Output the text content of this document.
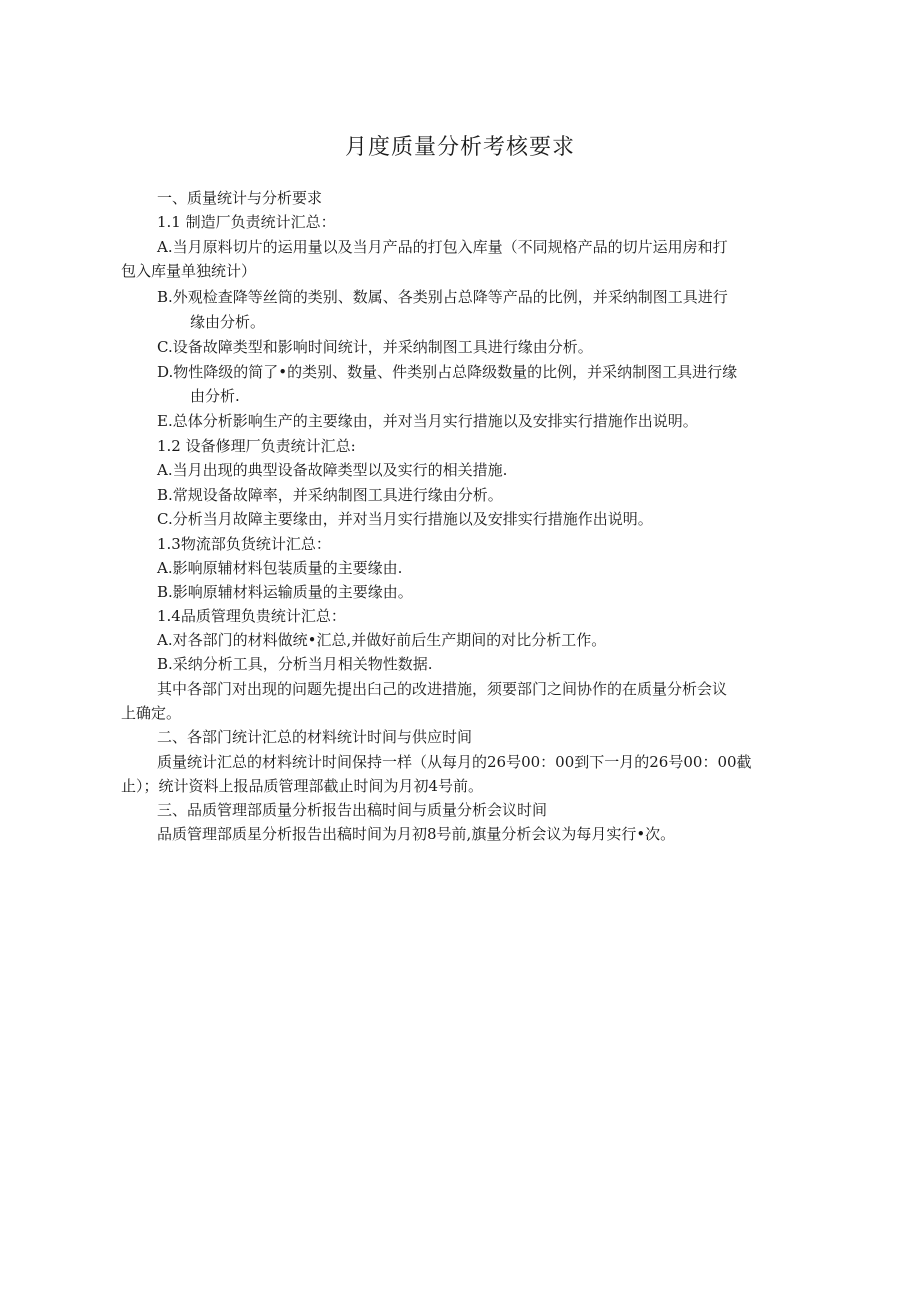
月度质量分析考核要求
一、质量统计与分析要求
1.1 制造厂负责统计汇总：
A.当月原料切片的运用量以及当月产品的打包入库量（不同规格产品的切片运用房和打
包入库量单独统计）
B.外观检查降等丝筒的类别、数属、各类别占总降等产品的比例，并采纳制图工具进行
缘由分析。
C.设备故障类型和影响时间统计，并采纳制图工具进行缘由分析。
D.物性降级的简了•的类别、数量、件类别占总降级数量的比例，并采纳制图工具进行缘
由分析.
E.总体分析影响生产的主要缘由，并对当月实行措施以及安排实行措施作出说明。
1.2 设备修理厂负责统计汇总:
A.当月出现的典型设备故障类型以及实行的相关措施.
B.常规设备故障率，并采纳制图工具进行缘由分析。
C.分析当月故障主要缘由，并对当月实行措施以及安排实行措施作出说明。
1.3物流部负货统计汇总：
A.影响原辅材料包装质量的主要缘由.
B.影响原辅材料运输质量的主要缘由。
1.4品质管理负贵统计汇总：
A.对各部门的材料做统•汇总,并做好前后生产期间的对比分析工作。
B.采纳分析工具，分析当月相关物性数据.
其中各部门对出现的问题先提出臼己的改进措施，须要部门之间协作的在质量分析会议
上确定。
二、各部门统计汇总的材料统计时间与供应时间
质量统计汇总的材料统计时间保持一样（从每月的26号00：00到下一月的26号00：00截
止）；统计资料上报品质管理部截止时间为月初4号前。
三、品质管理部质量分析报告出稿时间与质量分析会议时间
品质管理部质星分析报告出稿时间为月初8号前,旗量分析会议为每月实行•次。
